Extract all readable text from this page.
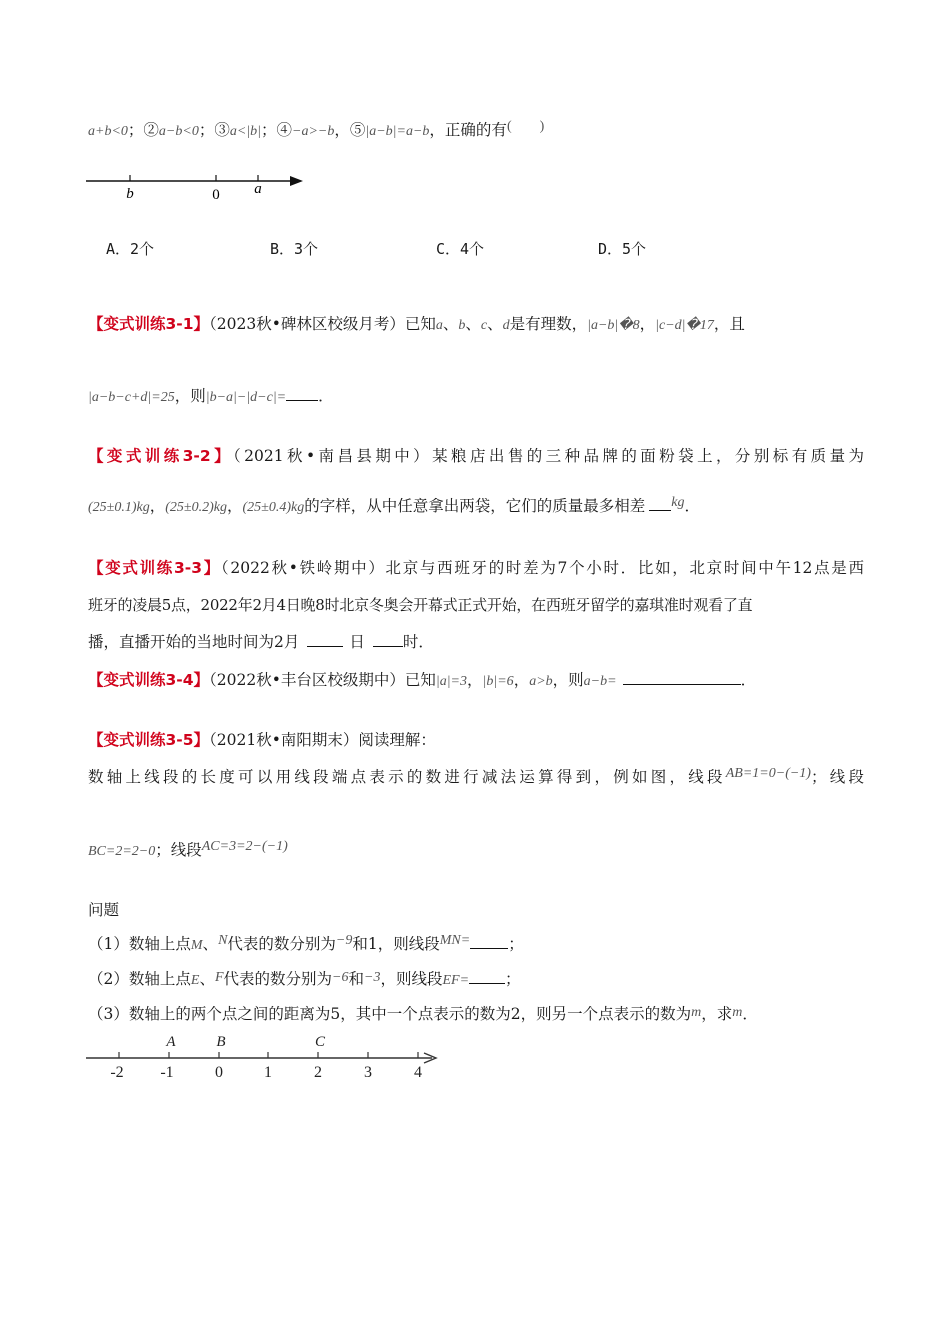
a+b<0；②a−b<0；③a<|b|；④−a>−b，⑤|a−b|=a−b，正确的有(        )
b	0 a
A．2个	B．3个	C．4个	D．5个
【变式训练3-1】（2023秋•碑林区校级月考）已知a、b、c、d是有理数，|a−b|�8，|c−d|�17，且
|a−b−c+d|=25，则|b−a|−|d−c|= ．
【变式训练3-2】（2021秋•南昌县期中）某粮店出售的三种品牌的面粉袋上，分别标有质量为
(25±0.1)kg，(25±0.2)kg，(25±0.4)kg的字样，从中任意拿出两袋，它们的质量最多相差 kg．
【变式训练3-3】（2022秋•铁岭期中）北京与西班牙的时差为7个小时．比如，北京时间中午12点是西
班牙的凌晨5点，2022年2月4日晚8时北京冬奥会开幕式正式开始，在西班牙留学的嘉琪准时观看了直
播，直播开始的当地时间为2月	日 时．
【变式训练3-4】（2022秋•丰台区校级期中）已知|a|=3，|b|=6，a>b，则a−b=	．
【变式训练3-5】（2021秋•南阳期末）阅读理解：
数轴上线段的长度可以用线段端点表示的数进行减法运算得到，例如图，线段AB=1=0−(−1)；线段
BC=2=2−0；线段AC=3=2−(−1)
问题
（1）数轴上点M、N代表的数分别为−9和1，则线段MN= ；
（2）数轴上点E、F代表的数分别为−6和−3，则线段EF= ；
（3）数轴上的两个点之间的距离为5，其中一个点表示的数为2，则另一个点表示的数为m，求m．
-2 -1	0	1	2	3	4
A	B	C
